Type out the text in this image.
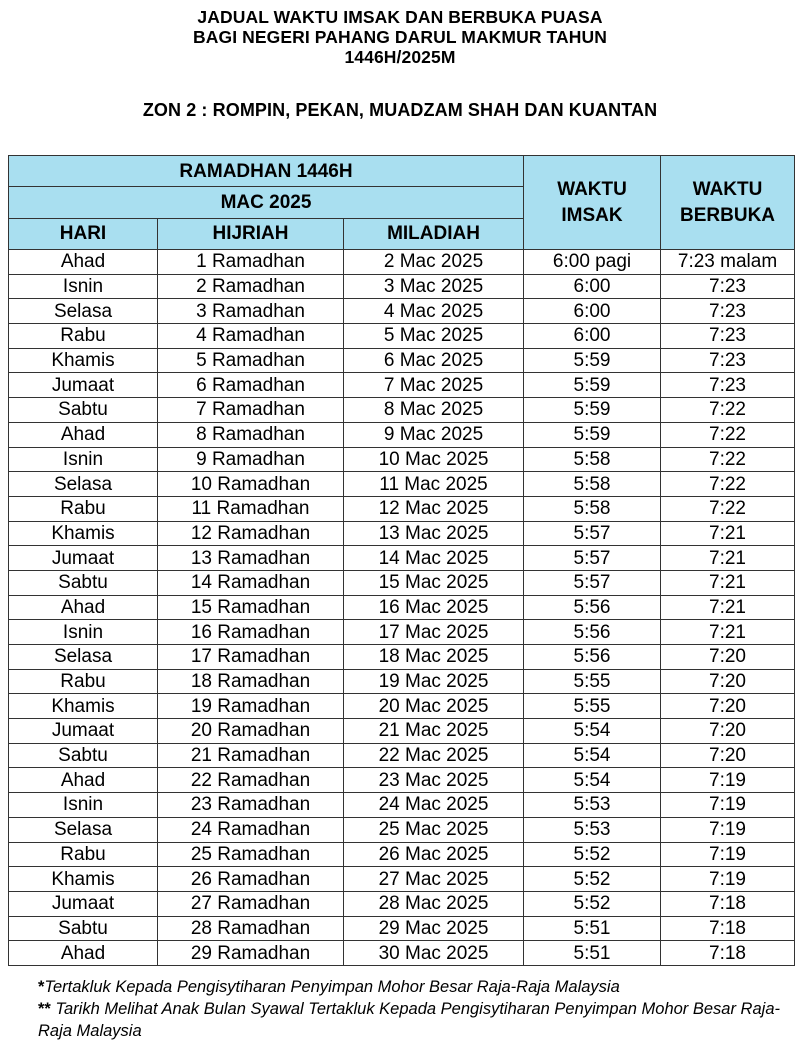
JADUAL WAKTU IMSAK DAN BERBUKA PUASA
BAGI NEGERI PAHANG DARUL MAKMUR TAHUN
1446H/2025M
ZON 2 : ROMPIN, PEKAN, MUADZAM SHAH DAN KUANTAN
RAMADHAN 1446H			WAKTU IMSAK	WAKTU BERBUKA
MAC 2025				
HARI	HIJRIAH	MILADIAH		
Ahad	1 Ramadhan	2 Mac 2025	6:00 pagi	7:23 malam
Isnin	2 Ramadhan	3 Mac 2025	6:00	7:23
Selasa	3 Ramadhan	4 Mac 2025	6:00	7:23
Rabu	4 Ramadhan	5 Mac 2025	6:00	7:23
Khamis	5 Ramadhan	6 Mac 2025	5:59	7:23
Jumaat	6 Ramadhan	7 Mac 2025	5:59	7:23
Sabtu	7 Ramadhan	8 Mac 2025	5:59	7:22
Ahad	8 Ramadhan	9 Mac 2025	5:59	7:22
Isnin	9 Ramadhan	10 Mac 2025	5:58	7:22
Selasa	10 Ramadhan	11 Mac 2025	5:58	7:22
Rabu	11 Ramadhan	12 Mac 2025	5:58	7:22
Khamis	12 Ramadhan	13 Mac 2025	5:57	7:21
Jumaat	13 Ramadhan	14 Mac 2025	5:57	7:21
Sabtu	14 Ramadhan	15 Mac 2025	5:57	7:21
Ahad	15 Ramadhan	16 Mac 2025	5:56	7:21
Isnin	16 Ramadhan	17 Mac 2025	5:56	7:21
Selasa	17 Ramadhan	18 Mac 2025	5:56	7:20
Rabu	18 Ramadhan	19 Mac 2025	5:55	7:20
Khamis	19 Ramadhan	20 Mac 2025	5:55	7:20
Jumaat	20 Ramadhan	21 Mac 2025	5:54	7:20
Sabtu	21 Ramadhan	22 Mac 2025	5:54	7:20
Ahad	22 Ramadhan	23 Mac 2025	5:54	7:19
Isnin	23 Ramadhan	24 Mac 2025	5:53	7:19
Selasa	24 Ramadhan	25 Mac 2025	5:53	7:19
Rabu	25 Ramadhan	26 Mac 2025	5:52	7:19
Khamis	26 Ramadhan	27 Mac 2025	5:52	7:19
Jumaat	27 Ramadhan	28 Mac 2025	5:52	7:18
Sabtu	28 Ramadhan	29 Mac 2025	5:51	7:18
Ahad	29 Ramadhan	30 Mac 2025	5:51	7:18
*Tertakluk Kepada Pengisytiharan Penyimpan Mohor Besar Raja-Raja Malaysia
** Tarikh Melihat Anak Bulan Syawal Tertakluk Kepada Pengisytiharan Penyimpan Mohor Besar Raja-Raja Malaysia
